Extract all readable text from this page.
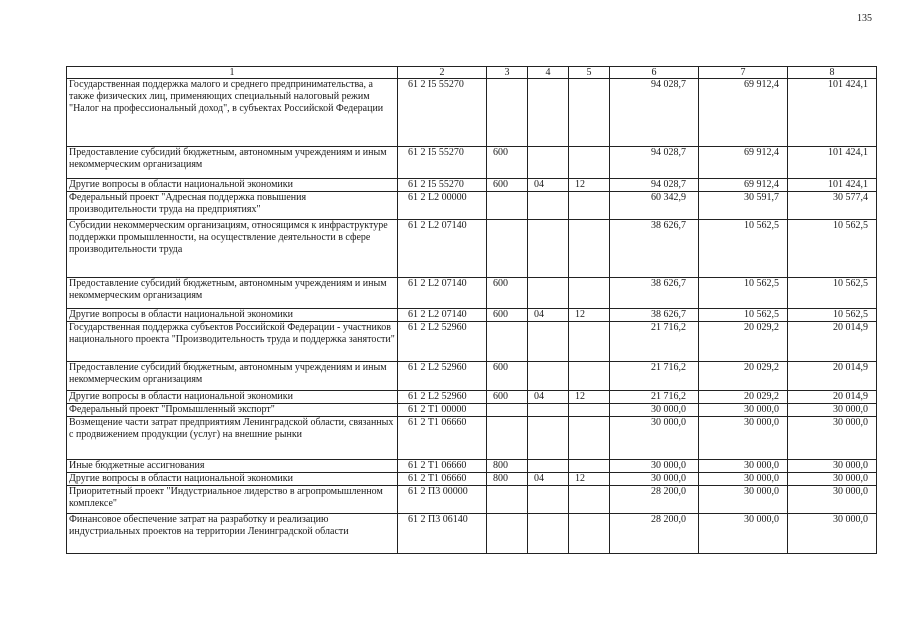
135
1	2	3	4	5	6	7	8
Государственная поддержка малого и среднего предпринимательства, а также физических лиц, применяющих специальный налоговый режим "Налог на профессиональный доход", в субъектах Российской Федерации	61 2 I5 55270				94 028,7	69 912,4	101 424,1
Предоставление субсидий бюджетным, автономным учреждениям и иным некоммерческим организациям	61 2 I5 55270	600			94 028,7	69 912,4	101 424,1
Другие вопросы в области национальной экономики	61 2 I5 55270	600	04	12	94 028,7	69 912,4	101 424,1
Федеральный проект "Адресная поддержка повышения производительности труда на предприятиях"	61 2 L2 00000				60 342,9	30 591,7	30 577,4
Субсидии некоммерческим организациям, относящимся к инфраструктуре поддержки промышленности, на осуществление деятельности в сфере производительности труда	61 2 L2 07140				38 626,7	10 562,5	10 562,5
Предоставление субсидий бюджетным, автономным учреждениям и иным некоммерческим организациям	61 2 L2 07140	600			38 626,7	10 562,5	10 562,5
Другие вопросы в области национальной экономики	61 2 L2 07140	600	04	12	38 626,7	10 562,5	10 562,5
Государственная поддержка субъектов Российской Федерации - участников национального проекта "Производительность труда и поддержка занятости"	61 2 L2 52960				21 716,2	20 029,2	20 014,9
Предоставление субсидий бюджетным, автономным учреждениям и иным некоммерческим организациям	61 2 L2 52960	600			21 716,2	20 029,2	20 014,9
Другие вопросы в области национальной экономики	61 2 L2 52960	600	04	12	21 716,2	20 029,2	20 014,9
Федеральный проект "Промышленный экспорт"	61 2 T1 00000				30 000,0	30 000,0	30 000,0
Возмещение части затрат предприятиям Ленинградской области, связанных с продвижением продукции (услуг) на внешние рынки	61 2 T1 06660				30 000,0	30 000,0	30 000,0
Иные бюджетные ассигнования	61 2 T1 06660	800			30 000,0	30 000,0	30 000,0
Другие вопросы в области национальной экономики	61 2 T1 06660	800	04	12	30 000,0	30 000,0	30 000,0
Приоритетный проект "Индустриальное лидерство в агропромышленном комплексе"	61 2 П3 00000				28 200,0	30 000,0	30 000,0
Финансовое обеспечение затрат на разработку и реализацию индустриальных проектов на территории Ленинградской области	61 2 П3 06140				28 200,0	30 000,0	30 000,0
